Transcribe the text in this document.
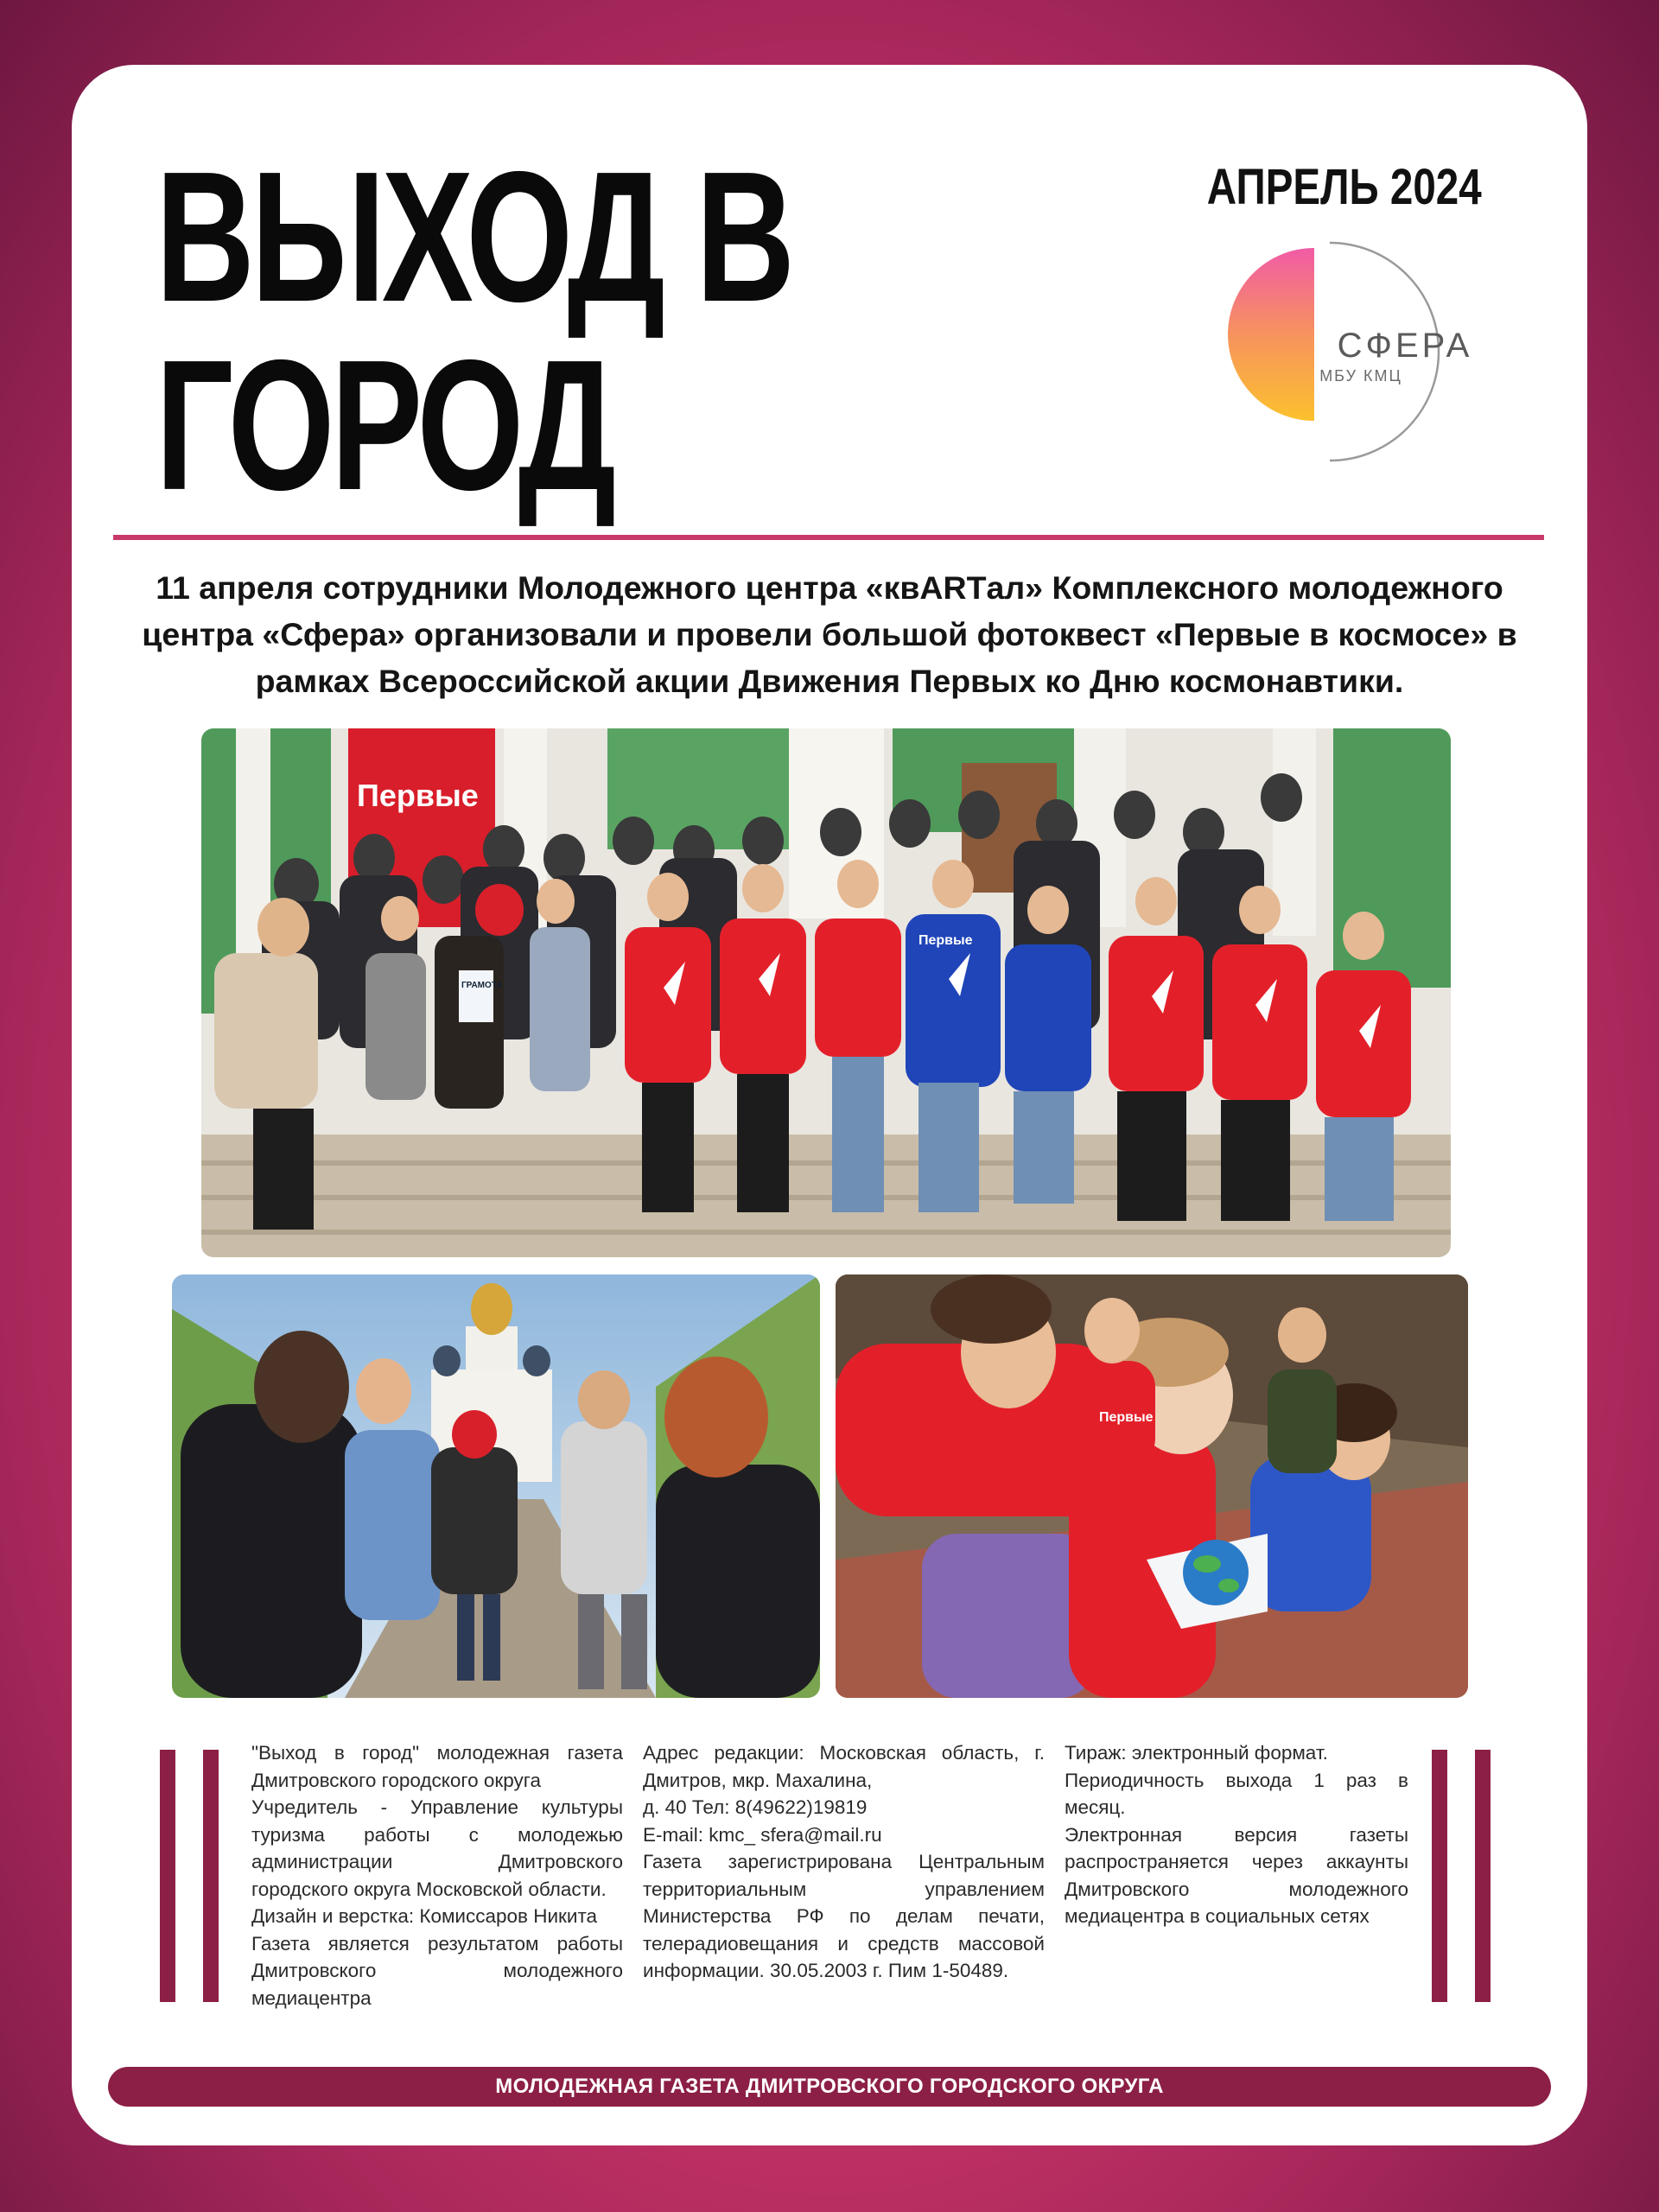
ВЫХОД В
ГОРОД
АПРЕЛЬ 2024
СФЕРА
МБУ КМЦ

11 апреля сотрудники Молодежного центра «квARTал» Комплексного молодежного центра «Сфера» организовали и провели большой фотоквест «Первые в космосе» в рамках Всероссийской акции Движения Первых ко Дню космонавтики.

Первые
ГРАМОТА
Первые
Первые

"Выход в город" молодежная газета Дмитровского городского округа
Учредитель - Управление культуры туризма работы с молодежью администрации Дмитровского городского округа Московской области.
Дизайн и верстка: Комиссаров Никита
Газета является результатом работы Дмитровского молодежного медиацентра

Адрес редакции: Московская область, г. Дмитров, мкр. Махалина,
д. 40 Тел: 8(49622)19819
E-mail: kmc_ sfera@mail.ru
Газета зарегистрирована Центральным территориальным управлением Министерства РФ по делам печати, телерадиовещания и средств массовой информации. 30.05.2003 г. Пим 1-50489.

Тираж: электронный формат.
Периодичность выхода 1 раз в месяц.
Электронная версия газеты распространяется через аккаунты Дмитровского молодежного медиацентра в социальных сетях

МОЛОДЕЖНАЯ ГАЗЕТА ДМИТРОВСКОГО ГОРОДСКОГО ОКРУГА
